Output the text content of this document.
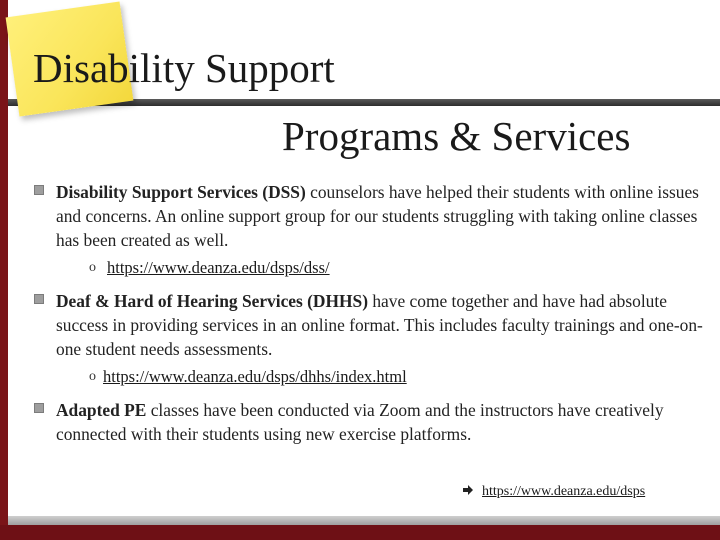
Disability Support
Programs & Services
Disability Support Services (DSS) counselors have helped their students with online issues and concerns. An online support group for our students struggling with taking online classes has been created as well.
o https://www.deanza.edu/dsps/dss/
Deaf & Hard of Hearing Services (DHHS) have come together and have had absolute success in providing services in an online format. This includes faculty trainings and one-on-one student needs assessments.
o https://www.deanza.edu/dsps/dhhs/index.html
Adapted PE classes have been conducted via Zoom and the instructors have creatively connected with their students using new exercise platforms.
https://www.deanza.edu/dsps
